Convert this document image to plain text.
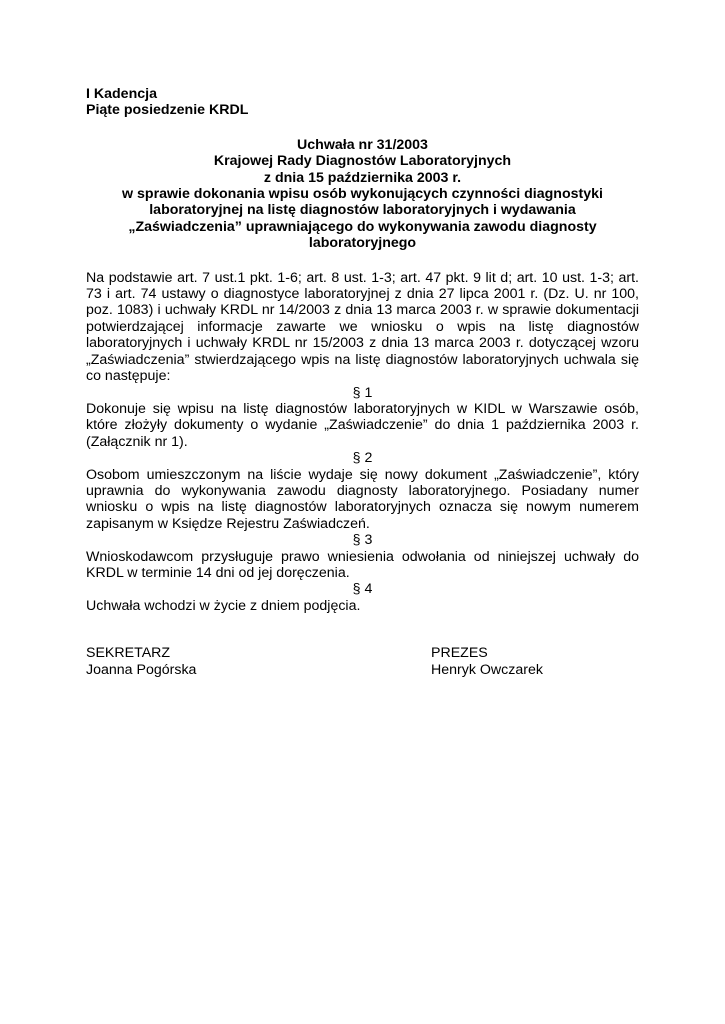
I Kadencja
Piąte posiedzenie KRDL
Uchwała nr 31/2003
Krajowej Rady Diagnostów Laboratoryjnych
z dnia 15 października 2003 r.
w sprawie dokonania wpisu osób wykonujących czynności diagnostyki
laboratoryjnej na listę diagnostów laboratoryjnych i wydawania
„Zaświadczenia” uprawniającego do wykonywania zawodu diagnosty
laboratoryjnego
Na podstawie art. 7 ust.1 pkt. 1-6; art. 8 ust. 1-3; art. 47 pkt. 9 lit d; art. 10 ust. 1-3; art. 73 i art. 74 ustawy o diagnostyce laboratoryjnej z dnia 27 lipca 2001 r. (Dz. U. nr 100, poz. 1083) i uchwały KRDL nr 14/2003 z dnia 13 marca 2003 r. w sprawie dokumentacji potwierdzającej informacje zawarte we wniosku o wpis na listę diagnostów laboratoryjnych i uchwały KRDL nr 15/2003 z dnia 13 marca 2003 r. dotyczącej wzoru „Zaświadczenia” stwierdzającego wpis na listę diagnostów laboratoryjnych uchwala się co następuje:
§ 1
Dokonuje się wpisu na listę diagnostów laboratoryjnych w KIDL w Warszawie osób, które złożyły dokumenty o wydanie „Zaświadczenie” do dnia 1 października 2003 r. (Załącznik nr 1).
§ 2
Osobom umieszczonym na liście wydaje się nowy dokument „Zaświadczenie”, który uprawnia do wykonywania zawodu diagnosty laboratoryjnego. Posiadany numer wniosku o wpis na listę diagnostów laboratoryjnych oznacza się nowym numerem zapisanym w Księdze Rejestru Zaświadczeń.
§ 3
Wnioskodawcom przysługuje prawo wniesienia odwołania od niniejszej uchwały do KRDL w terminie 14 dni od jej doręczenia.
§ 4
Uchwała wchodzi w życie z dniem podjęcia.
SEKRETARZ
Joanna Pogórska
PREZES
Henryk Owczarek
